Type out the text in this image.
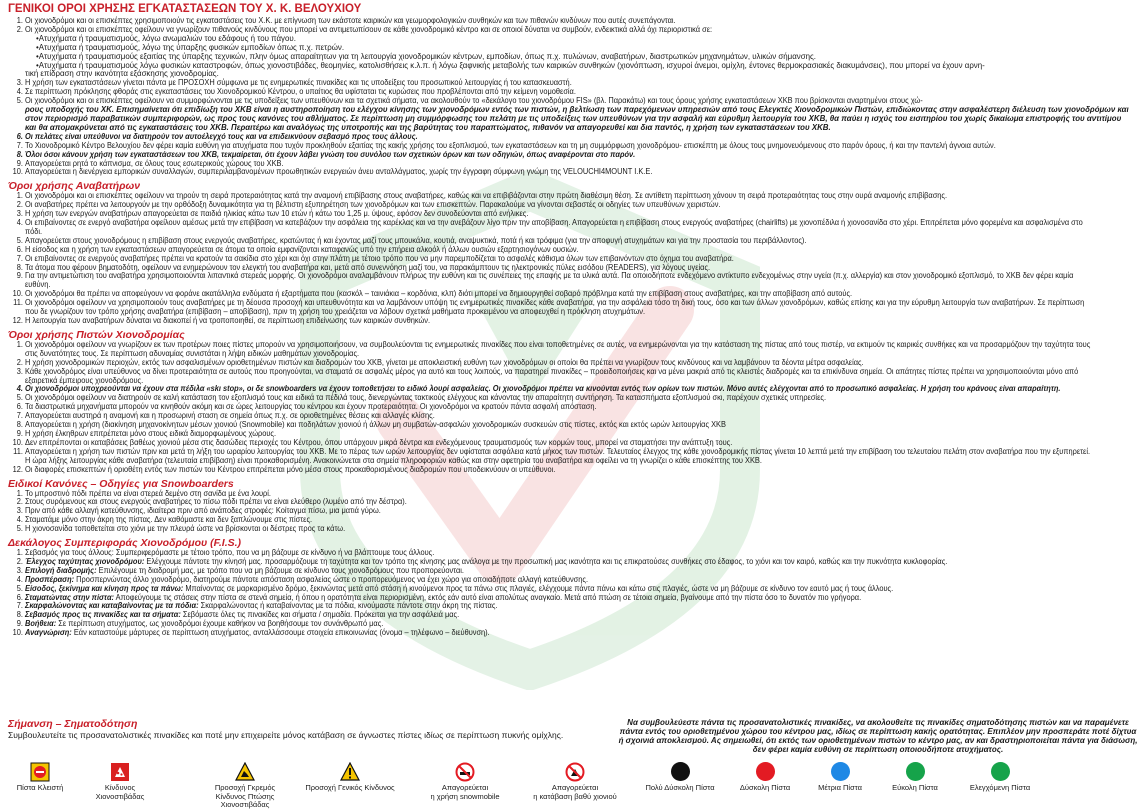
ΓΕΝΙΚΟΙ ΟΡΟΙ ΧΡΗΣΗΣ ΕΓΚΑΤΑΣΤΑΣΕΩΝ ΤΟΥ Χ. Κ. ΒΕΛΟΥΧΙΟΥ
1. Οι χιονοδρόμοι και οι επισκέπτες χρησιμοποιούν τις εγκαταστάσεις του Χ.Κ. με επίγνωση των εκάστοτε καιρικών και γεωμορφολογικών συνθηκών και των πιθανών κινδύνων που αυτές συνεπάγονται.
2. Οι χιονοδρόμοι και οι επισκέπτες οφείλουν να γνωρίζουν πιθανούς κινδύνους που μπορεί να αντιμετωπίσουν σε κάθε χιονοδρομικό κέντρο και σε οποιοί δύναται να συμβούν, ενδεικτικά αλλά όχι περιοριστικά σε:
•Ατυχήματα ή τραυματισμούς, λόγω ανωμαλιών του εδάφους ή του πάγου.
•Ατυχήματα ή τραυματισμούς, λόγω της ύπαρξης φυσικών εμποδίων όπως π.χ. πετρών.
•Ατυχήματα ή τραυματισμούς εξαιτίας της ύπαρξης τεχνικών, πλην όμως απαραίτητων για τη λειτουργία χιονοδρομικών κέντρων, εμποδίων, όπως π.χ. πυλώνων, αναβατήρων, διαστρωτικών μηχανημάτων, υλικών σήμανσης.
•Ατυχήματα ή τραυματισμούς λόγω φυσικών καταστροφών, όπως χιονοστιβάδες, θεομηνίες, κατολισθήσεις κ.λ.π. ή λόγω ξαφνικής μεταβολής των καιρικών συνθηκών (χιονόπτωση, ισχυροί άνεμοι, ομίχλη, έντονες θερμοκρασιακές διακυμάνσεις), που μπορεί να έχουν αρνη-
τική επίδραση στην ικανότητα εξάσκησης χιονοδρομίας.
3. Η χρήση των εγκαταστάσεων γίνεται πάντα με ΠΡΟΣΟΧΗ σύμφωνα με τις ενημερωτικές πινακίδες και τις υποδείξεις του προσωπικού λειτουργίας ή του κατασκευαστή.
4. Σε περίπτωση πρόκλησης φθοράς στις εγκαταστάσεις του Χιονοδρομικού Κέντρου, ο υπαίτιος θα υφίσταται τις κυρώσεις που προβλέπονται από την κείμενη νομοθεσία.
5. Οι χιονοδρόμοι και οι επισκέπτες οφείλουν να συμμορφώνονται με τις υποδείξεις των υπευθύνων και τα σχετικά σήματα, να ακολουθούν το «δεκάλογο του χιονοδρόμου FIS» (βλ. Παρακάτω) και τους όρους χρήσης εγκαταστάσεων ΧΚΒ που βρίσκονται αναρτημένοι στους χώ-
ρους υποδοχής του ΧΚ. Επισημαίνεται ότι επιδίωξη του ΧΚΒ είναι η αυστηροποίηση του ελέγχου κίνησης των χιονοδρόμων εντός των πιστών, η βελτίωση των παρεχόμενων υπηρεσιών από τους Ελεγκτές Χιονοδρομικών Πιστών, επιδιώκοντας στην ασφαλέστερη διέλευση των χιονοδρόμων και στον περιορισμό παραβατικών συμπεριφορών, ως προς τους κανόνες του αθλήματος. Σε περίπτωση μη συμμόρφωσης του πελάτη με τις υποδείξεις των υπευθύνων για την ασφαλή και εύρυθμη λειτουργία του ΧΚΒ, θα παύει η ισχύς του εισιτηρίου του χωρίς δικαίωμα επιστροφής του αντιτίμου και θα απομακρύνεται από τις εγκαταστάσεις του ΧΚΒ. Περαιτέρω και αναλόγως της υποτροπής και της βαρύτητας του παραπτώματος, πιθανόν να απαγορευθεί και δια παντός, η χρήση των εγκαταστάσεων του ΧΚΒ.
6. Οι πελάτες είναι υπεύθυνοι να διατηρούν τον αυτοέλεγχό τους και να επιδεικνύουν σεβασμό προς τους άλλους.
7. Το Χιονοδρομικό Κέντρο Βελουχίου δεν φέρει καμία ευθύνη για ατυχήματα που τυχόν προκληθούν εξαιτίας της κακής χρήσης του εξοπλισμού, των εγκαταστάσεων και τη μη συμμόρφωση χιονοδρόμου- επισκέπτη με όλους τους μνημονευόμενους στο παρόν όρους, ή και την παντελή άγνοια αυτών.
8. Όλοι όσοι κάνουν χρήση των εγκαταστάσεων του ΧΚΒ, τεκμαίρεται, ότι έχουν λάβει γνώση του συνόλου των σχετικών όρων και των οδηγιών, όπως αναφέρονται στο παρόν.
9. Απαγορεύεται ρητά το κάπνισμα, σε όλους τους εσωτερικούς χώρους του ΧΚΒ.
10. Απαγορεύεται η διενέργεια εμπορικών συναλλαγών, συμπεριλαμβανομένων προωθητικών ενεργειών άνευ ανταλλάγματος, χωρίς την έγγραφη σύμφωνη γνώμη της VELOUCHI4MOUNT I.K.E.
Όροι χρήσης Αναβατήρων
1. Οι χιονοδρόμοι και οι επισκέπτες οφείλουν να τηρούν τη σειρά προτεραιότητας κατά την αναμονή επιβίβασης στους αναβατήρες, καθώς και να επιβιβάζονται στην πρώτη διαθέσιμη θέση. Σε αντίθετη περίπτωση χάνουν τη σειρά προτεραιότητας τους στην ουρά αναμονής επιβίβασης.
2. Οι αναβατήρες πρέπει να λειτουργούν με την ορθόδοξη δυναμικότητα για τη βέλτιστη εξυπηρέτηση των χιονοδρόμων και των επισκεπτών. Παρακαλούμε να γίνονται σεβαστές οι οδηγίες των υπευθύνων χειριστών.
3. Η χρήση των ενεργών αναβατήρων απαγορεύεται σε παιδιά ηλικίας κάτω των 10 ετών ή κάτω του 1,25 μ. ύψους, εφόσον δεν συνοδεύονται από ενήλικες.
4. Οι επιβαίνοντες σε ενεργό αναβατήρα οφείλουν αμέσως μετά την επιβίβαση να κατεβάζουν την ασφάλεια της καρέκλας και να την ανεβάζουν λίγο πριν την αποβίβαση. Απαγορεύεται η επιβίβαση στους ενεργούς αναβατήρες (chairlifts) με χιονοπέδιλα ή χιονοσανίδα στο χέρι. Επιτρέπεται μόνο φορεμένα και ασφαλισμένα στο πόδι.
5. Απαγορεύεται στους χιονοδρόμους η επιβίβαση στους ενεργούς αναβατήρες, κρατώντας ή και έχοντας μαζί τους μπουκάλια, κουτιά, αναψυκτικά, ποτά ή και τρόφιμα (για την αποφυγή ατυχημάτων και για την προστασία του περιβάλλοντος).
6. Η είσοδος και η χρήση των εγκαταστάσεων απαγορεύεται σε άτομα τα οποία εμφανίζονται καταφανώς υπό την επήρεια αλκοόλ ή άλλων ουσιών εξαρτησιογόνων ουσιών.
7. Οι επιβαίνοντες σε ενεργούς αναβατήρες πρέπει να κρατούν τα σακίδια στο χέρι και όχι στην πλάτη με τέτοιο τρόπο που να μην παρεμποδίζεται το ασφαλές κάθισμα όλων των επιβαινόντων στο όχημα του αναβατήρα.
8. Τα άτομα που φέρουν βηματοδότη, οφείλουν να ενημερώνουν τον ελεγκτή του αναβατήρα και, μετά από συνεννόηση μαζί του, να παρακάμπτουν τις ηλεκτρονικές πύλες εισόδου (READERS), για λόγους υγείας.
9. Για την αντιμετώπιση του αναβατήρα χρησιμοποιούνται λιπαντικά στερεάς μορφής. Οι χιονοδρόμοι αναλαμβάνουν πλήρως την ευθύνη και τις συνέπειες της επαφής με τα υλικά αυτά. Πα οποιοδήποτε ενδεχόμενο αντίκτυπο ενδεχομένως στην υγεία (π.χ. αλλεργία) και στον χιονοδρομικό εξοπλισμό, το ΧΚΒ δεν φέρει καμία ευθύνη.
10. Οι χιονοδρόμοι θα πρέπει να αποφεύγουν να φοράνε ακατάλληλα ενδύματα ή εξαρτήματα που (κασκόλ – ταινιάκια – κορδόνια, κλπ) διότι μπορεί να δημιουργηθεί σοβαρό πρόβλημα κατά την επιβίβαση στους αναβατήρες, και την αποβίβαση από αυτούς.
11. Οι χιονοδρόμοι οφείλουν να χρησιμοποιούν τους αναβατήρες με τη δέουσα προσοχή και υπευθυνότητα και να λαμβάνουν υπόψη τις ενημερωτικές πινακίδες κάθε αναβατήρα, για την ασφάλεια τόσο τη δική τους, όσο και των άλλων χιονοδρόμων, καθώς επίσης και για την εύρυθμη λειτουργία των αναβατήρων. Σε περίπτωση που δε γνωρίζουν τον τρόπο χρήσης αναβατήρα (επιβίβαση – αποβίβαση), πριν τη χρήση του χρειάζεται να λάβουν σχετικά μαθήματα προκειμένου να αποφευχθεί η πρόκληση ατυχημάτων.
12. Η λειτουργία των αναβατήρων δύναται να διακοπεί ή να τροποποιηθεί, σε περίπτωση επιδείνωσης των καιρικών συνθηκών.
Όροι χρήσης Πιστών Χιονοδρομίας
1. Οι χιονοδρόμοι οφείλουν να γνωρίζουν εκ των προτέρων ποιες πίστες μπορούν να χρησιμοποιήσουν, να συμβουλεύονται τις ενημερωτικές πινακίδες που είναι τοποθετημένες σε αυτές, να ενημερώνονται για την κατάσταση της πίστας από τους πιστέρ, να εκτιμούν τις καιρικές συνθήκες και να προσαρμόζουν την ταχύτητα τους στις δυνατότητες τους. Σε περίπτωση αδυναμίας συνιστάται η λήψη ειδικών μαθημάτων χιονοδρομίας.
2. Η χρήση χιονοδρομικών περιοχών, εκτός των ασφαλισμένων οριοθετημένων πιστών και διαδρομών του ΧΚΒ, γίνεται με αποκλειστική ευθύνη των χιονοδρόμων οι οποίοι θα πρέπει να γνωρίζουν τους κινδύνους και να λαμβάνουν τα δέοντα μέτρα ασφαλείας.
3. Κάθε χιονοδρόμος είναι υπεύθυνος να δίνει προτεραιότητα σε αυτούς που προηγούνται, να σταματά σε ασφαλές μέρος για αυτό και τους λοιπούς, να παρατηρεί πινακίδες – προειδοποιήσεις και να μένει μακριά από τις κλειστές διαδρομές και τα επικίνδυνα σημεία. Οι απάτητες πίστες πρέπει να χρησιμοποιούνται μόνο από εξαιρετικά έμπειρους χιονοδρόμους.
4. Οι χιονοδρόμοι υποχρεούνται να έχουν στα πέδιλα «skι stop», οι δε snowboarders να έχουν τοποθετήσει το ειδικό λουρί ασφαλείας. Οι χιονοδρόμοι πρέπει να κινούνται εντός των ορίων των πιστών. Μόνο αυτές ελέγχονται από το προσωπικό ασφαλείας. Η χρήση του κράνους είναι απαραίτητη.
5. Οι χιονοδρόμοι οφείλουν να διατηρούν σε καλή κατάσταση τον εξοπλισμό τους και ειδικά τα πέδιλά τους, διενεργώντας τακτικούς ελέγχους και κάνοντας την απαραίτητη συντήρηση. Τα κατασπήματα εξοπλισμού σκι, παρέχουν σχετικές υπηρεσίες.
6. Τα διαστρωτικά μηχανήματα μπορούν να κινηθούν ακόμη και σε ώρες λειτουργίας του κέντρου και έχουν προτεραιότητα. Οι χιονοδρόμοι να κρατούν πάντα ασφαλή απόσταση.
7. Απαγορεύεται αυστηρά η αναμονή και η προσωρινή σταση σε σημεία όπως π.χ. σε οριοθετημένες θέσεις και αλλαγές κλίσης.
8. Απαγορεύεται η χρήση (διακίνηση μηχανοκίνητων μέσων χιονιού (Snowmobile) και ποδηλάτων χιονιού ή άλλων μη συμβατών-ασφαλών χιονοδρομικών συσκευών στις πίστες, εκτός και εκτός ωρών λειτουργίας ΧΚΒ
9. Η χρήση έλκηθρων επιτρέπεται μόνο στους ειδικά διαμορφωμένους χώρους.
10. Δεν επιτρέπονται οι καταβάσεις βαθέως χιονιού μέσα στις δασώδεις περιοχές του Κέντρου, όπου υπάρχουν μικρά δέντρα και ενδεχόμενους τραυματισμούς των κορμών τους, μπορεί να σταματήσει την ανάπτυξη τους.
11. Απαγορεύεται η χρήση των πιστών πριν και μετά τη λήξη του ωραρίου λειτουργίας του ΧΚΒ. Με το πέρας των ωρών λειτουργίας δεν υφίσταται ασφάλεια κατά μήκος των πιστών. Τελευταίος έλεγχος της κάθε χιονοδρομικής πίστας γίνεται 10 λεπτά μετά την επιβίβαση του τελευταίου πελάτη στον αναβατήρα που την εξυπηρετεί. Η ώρα λήξης λειτουργίας κάθε αναβατήρα (τελευταία επιβίβαση) είναι προκαθορισμένη. Ανακοινώνεται στα σημεία πληροφοριών καθώς και στην αφετηρία του αναβατήρα και οφείλει να τη γνωρίζει ο κάθε επισκέπτης του ΧΚΒ.
12. Οι διαφορές επισκεπτών ή οριοθέτη εντός των πιστών του Κέντρου επιτρέπεται μόνο μέσα στους προκαθορισμένους διαδρομών που υποδεικνύουν οι υπεύθυνοι.
Ειδικοί Κανόνες – Οδηγίες για Snowboarders
1. Το μπροστινό πόδι πρέπει να είναι στερεά δεμένο στη σανίδα με ένα λουρί.
2. Στους συρόμενους και στους ενεργούς αναβατήρες το πίσω πόδι πρέπει να είναι ελεύθερο (λυμένο από την δέστρα).
3. Πριν από κάθε αλλαγή κατεύθυνσης, ιδιαίτερα πριν από ανάποδες στροφές: Κοίταγμα πίσω, μια ματιά γύρω.
4. Σταματάμε μόνο στην άκρη της πίστας. Δεν καθόμαστε και δεν ξαπλώνουμε στις πίστες.
5. Η χιονοσανίδα τοποθετείται στο χιόνι με την πλευρά ώστε να βρίσκονται οι δέστρες προς τα κάτω.
Δεκάλογος Συμπεριφοράς Χιονοδρόμου (F.I.S.)
1. Σεβασμός για τους άλλους: Συμπεριφερόμαστε με τέτοιο τρόπο, που να μη βάζουμε σε κίνδυνο ή να βλάπτουμε τους άλλους.
2. Έλεγχος ταχύτητας χιονοδρόμου: Ελέγχουμε πάντοτε την κίνησή μας. προσαρμόζουμε τη ταχύτητα και τον τρόπο της κίνησης μας ανάλογα με την προσωπική μας ικανότητα και τις επικρατούσες συνθήκες στο έδαφος, το χιόνι και τον καιρό, καθώς και την πυκνότητα κυκλοφορίας.
3. Επιλογή διαδρομής: Επιλέγουμε τη διαδρομή μας, με τρόπο που να μη βάζουμε σε κίνδυνο τους χιονοδρόμους που προπορεύονται.
4. Προσπέραση: Προσπερνώντας άλλο χιονοδρόμο, διατηρούμε πάντοτε απόσταση ασφαλείας ώστε ο προπορευόμενος να έχει χώρο για οποιαδήποτε αλλαγή κατεύθυνσης.
5. Είσοδος, ξεκίνημα και κίνηση προς τα πάνω: Μπαίνοντας σε μαρκαρισμένο δρόμο, ξεκινώντας μετά από στάση ή κινούμενοι προς τα πάνω στις πλαγιές, ελέγχουμε πάντα πάνω και κάτω στις πλαγιές, ώστε να μη βάζουμε σε κίνδυνο τον εαυτό μας ή τους άλλους.
6. Σταματώντας στην πίστα: Αποφεύγουμε τις στάσεις στην πίστα σε στενά σημεία, ή όπου η ορατότητα είναι περιορισμένη, εκτός εάν αυτό είναι απολύτως αναγκαίο. Μετά από πτώση σε τέτοια σημεία, βγαίνουμε από την πίστα όσο το δυνατόν πιο γρήγορα.
7. Σκαρφαλώνοντας και καταβαίνοντας με τα πόδια: Σκαρφαλώνοντας ή καταβαίνοντας με τα πόδια, κινούμαστε πάντοτε στην άκρη της πίστας.
8. Σεβασμός προς τις πινακίδες και τα σήματα: Σεβόμαστε όλες τις πινακίδες και σήματα / σημαδία. Πρόκειται για την ασφάλειά μας.
9. Βοήθεια: Σε περίπτωση ατυχήματος, ως χιονοδρόμοι έχουμε καθήκον να βοηθήσουμε τον συνάνθρωπό μας.
10. Αναγνώριση: Εάν καταστούμε μάρτυρες σε περίπτωση ατυχήματος, ανταλλάσσουμε στοιχεία επικοινωνίας (όνομα – τηλέφωνο – διεύθυνση).
Σήμανση – Σηματοδότηση
Συμβουλευτείτε τις προσανατολιστικές πινακίδες και ποτέ μην επιχειρείτε μόνος κατάβαση σε άγνωστες πίστες ιδίως σε περίπτωση πυκνής ομίχλης.
Να συμβουλεύεστε πάντα τις προσανατολιστικές πινακίδες, να ακολουθείτε τις πινακίδες σηματοδότησης πιστών και να παραμένετε πάντα εντός του οριοθετημένου χώρου του κέντρου μας, ιδίως σε περίπτωση κακής ορατότητας. Επιπλέον μην προσπεράτε ποτέ δίχτυα ή σχοινιά αποκλεισμού. Ας σημειωθεί, ότι εκτός των οριοθετημένων πιστών το κέντρο μας, αν και δραστηριοποιείται πάντα για διάσωση, δεν φέρει καμία ευθύνη σε περίπτωση οποιουδήποτε ατυχήματος.
Πίστα Κλειστή	Κίνδυνος Χιονοστιβάδας
Προσοχή Γκρεμός
Κίνδυνος Πτώσης Χιονοστιβάδας
Προσοχή Γενικός Κίνδυνος	Απαγορεύεται
η χρήση snowmobile
Απαγορεύεται
η κατάβαση βαθύ χιονιού
Πολύ Δύσκολη Πίστα	Δύσκολη Πίστα	Μέτρια Πίστα	Εύκολη Πίστα	Ελεγχόμενη Πίστα
